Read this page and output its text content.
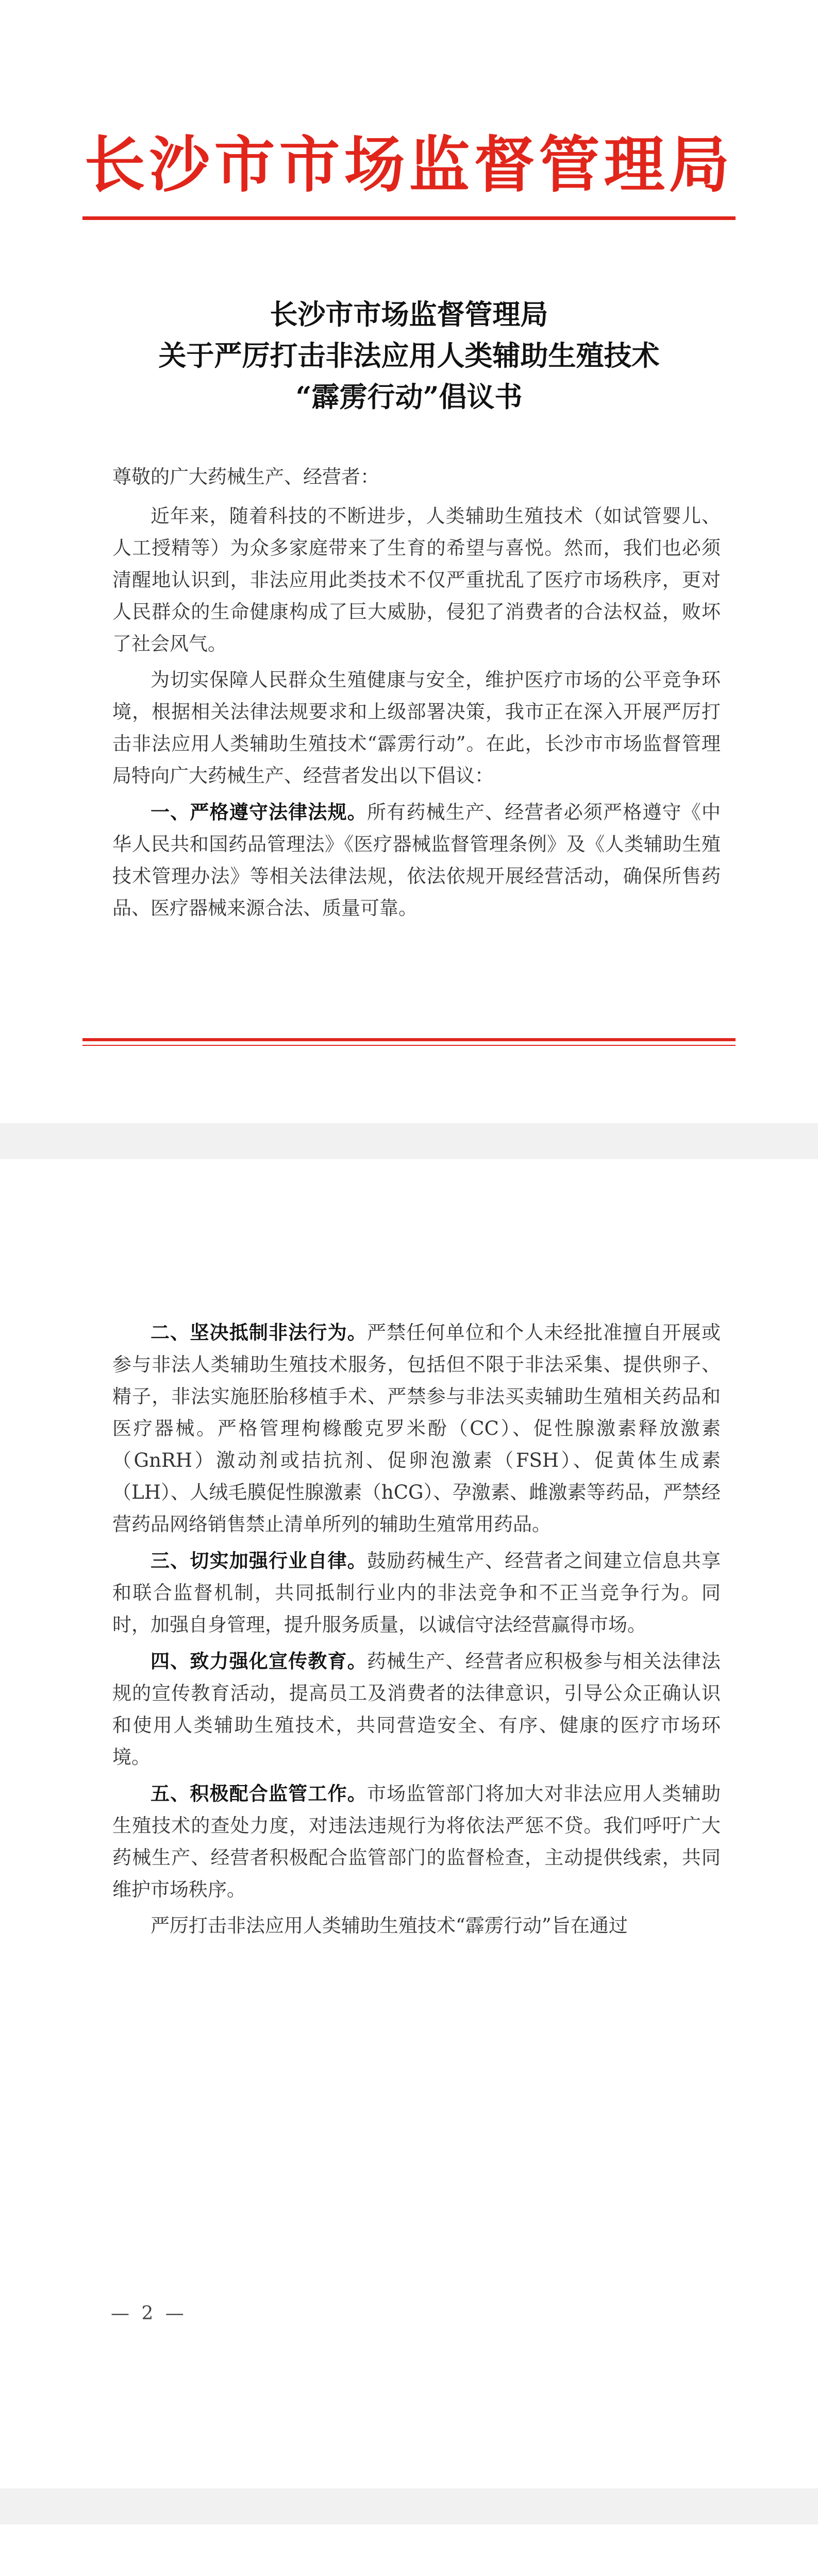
长沙市市场监督管理局
长沙市市场监督管理局
关于严厉打击非法应用人类辅助生殖技术
“霹雳行动”倡议书

尊敬的广大药械生产、经营者：

近年来，随着科技的不断进步，人类辅助生殖技术（如试管婴儿、人工授精等）为众多家庭带来了生育的希望与喜悦。然而，我们也必须清醒地认识到，非法应用此类技术不仅严重扰乱了医疗市场秩序，更对人民群众的生命健康构成了巨大威胁，侵犯了消费者的合法权益，败坏了社会风气。

为切实保障人民群众生殖健康与安全，维护医疗市场的公平竞争环境，根据相关法律法规要求和上级部署决策，我市正在深入开展严厉打击非法应用人类辅助生殖技术“霹雳行动”。在此，长沙市市场监督管理局特向广大药械生产、经营者发出以下倡议：

一、严格遵守法律法规。所有药械生产、经营者必须严格遵守《中华人民共和国药品管理法》《医疗器械监督管理条例》及《人类辅助生殖技术管理办法》等相关法律法规，依法依规开展经营活动，确保所售药品、医疗器械来源合法、质量可靠。

二、坚决抵制非法行为。严禁任何单位和个人未经批准擅自开展或参与非法人类辅助生殖技术服务，包括但不限于非法采集、提供卵子、精子，非法实施胚胎移植手术、严禁参与非法买卖辅助生殖相关药品和医疗器械。严格管理枸橼酸克罗米酚（CC）、促性腺激素释放激素（GnRH）激动剂或拮抗剂、促卵泡激素（FSH）、促黄体生成素（LH）、人绒毛膜促性腺激素（hCG）、孕激素、雌激素等药品，严禁经营药品网络销售禁止清单所列的辅助生殖常用药品。

三、切实加强行业自律。鼓励药械生产、经营者之间建立信息共享和联合监督机制，共同抵制行业内的非法竞争和不正当竞争行为。同时，加强自身管理，提升服务质量，以诚信守法经营赢得市场。

四、致力强化宣传教育。药械生产、经营者应积极参与相关法律法规的宣传教育活动，提高员工及消费者的法律意识，引导公众正确认识和使用人类辅助生殖技术，共同营造安全、有序、健康的医疗市场环境。

五、积极配合监管工作。市场监管部门将加大对非法应用人类辅助生殖技术的查处力度，对违法违规行为将依法严惩不贷。我们呼吁广大药械生产、经营者积极配合监管部门的监督检查，主动提供线索，共同维护市场秩序。

严厉打击非法应用人类辅助生殖技术“霹雳行动”旨在通过

— 2 —
